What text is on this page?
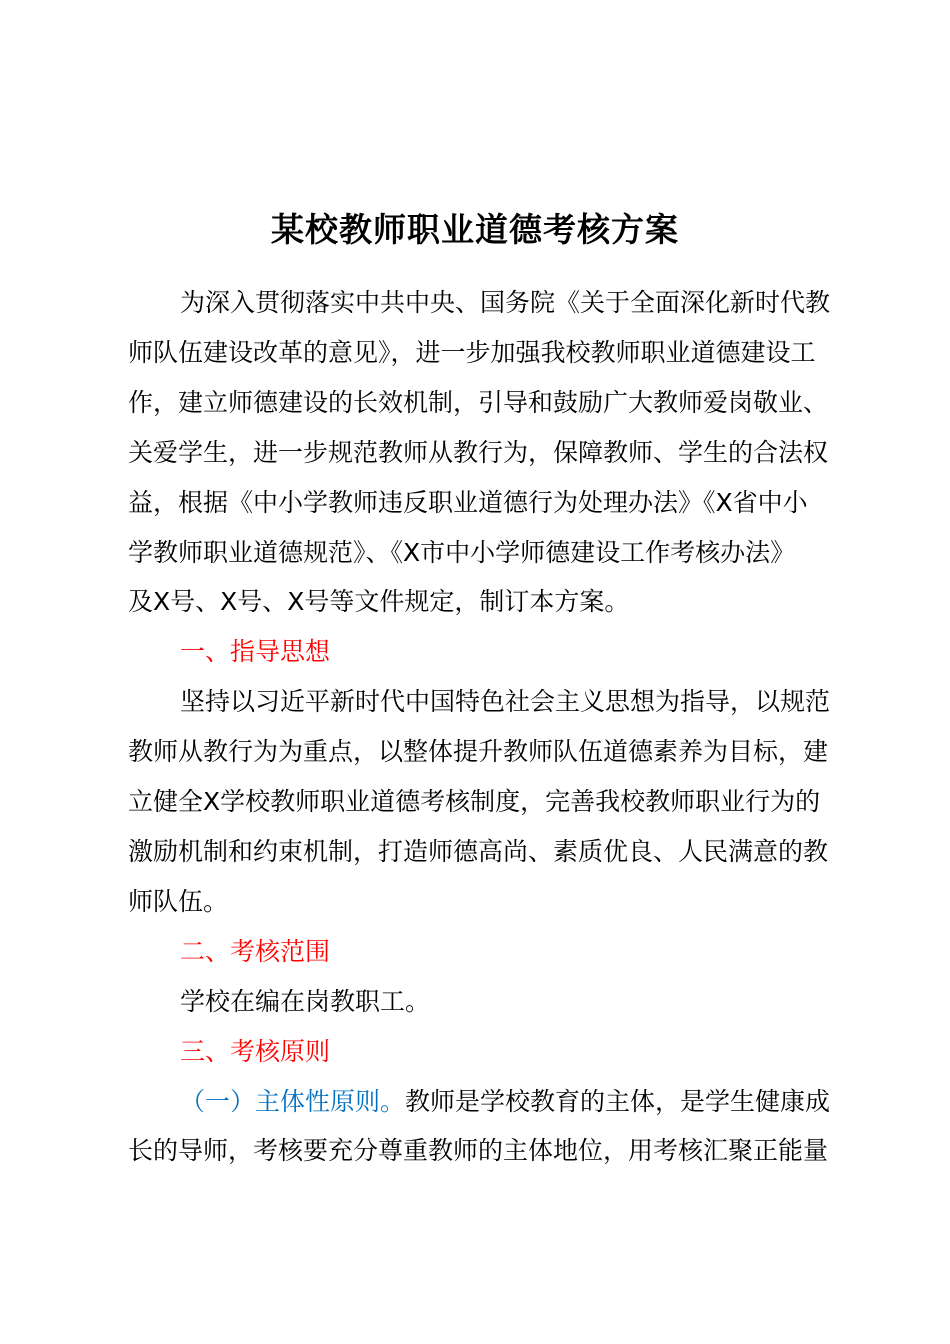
某校教师职业道德考核方案
为深入贯彻落实中共中央、国务院《关于全面深化新时代教
师队伍建设改革的意见》，进一步加强我校教师职业道德建设工
作，建立师德建设的长效机制，引导和鼓励广大教师爱岗敬业、
关爱学生，进一步规范教师从教行为，保障教师、学生的合法权
益，根据《中小学教师违反职业道德行为处理办法》《X省中小
学教师职业道德规范》、《X市中小学师德建设工作考核办法》
及X号、X号、X号等文件规定，制订本方案。
一、指导思想
坚持以习近平新时代中国特色社会主义思想为指导，以规范
教师从教行为为重点，以整体提升教师队伍道德素养为目标，建
立健全X学校教师职业道德考核制度，完善我校教师职业行为的
激励机制和约束机制，打造师德高尚、素质优良、人民满意的教
师队伍。
二、考核范围
学校在编在岗教职工。
三、考核原则
（一）主体性原则。教师是学校教育的主体，是学生健康成
长的导师，考核要充分尊重教师的主体地位，用考核汇聚正能量
